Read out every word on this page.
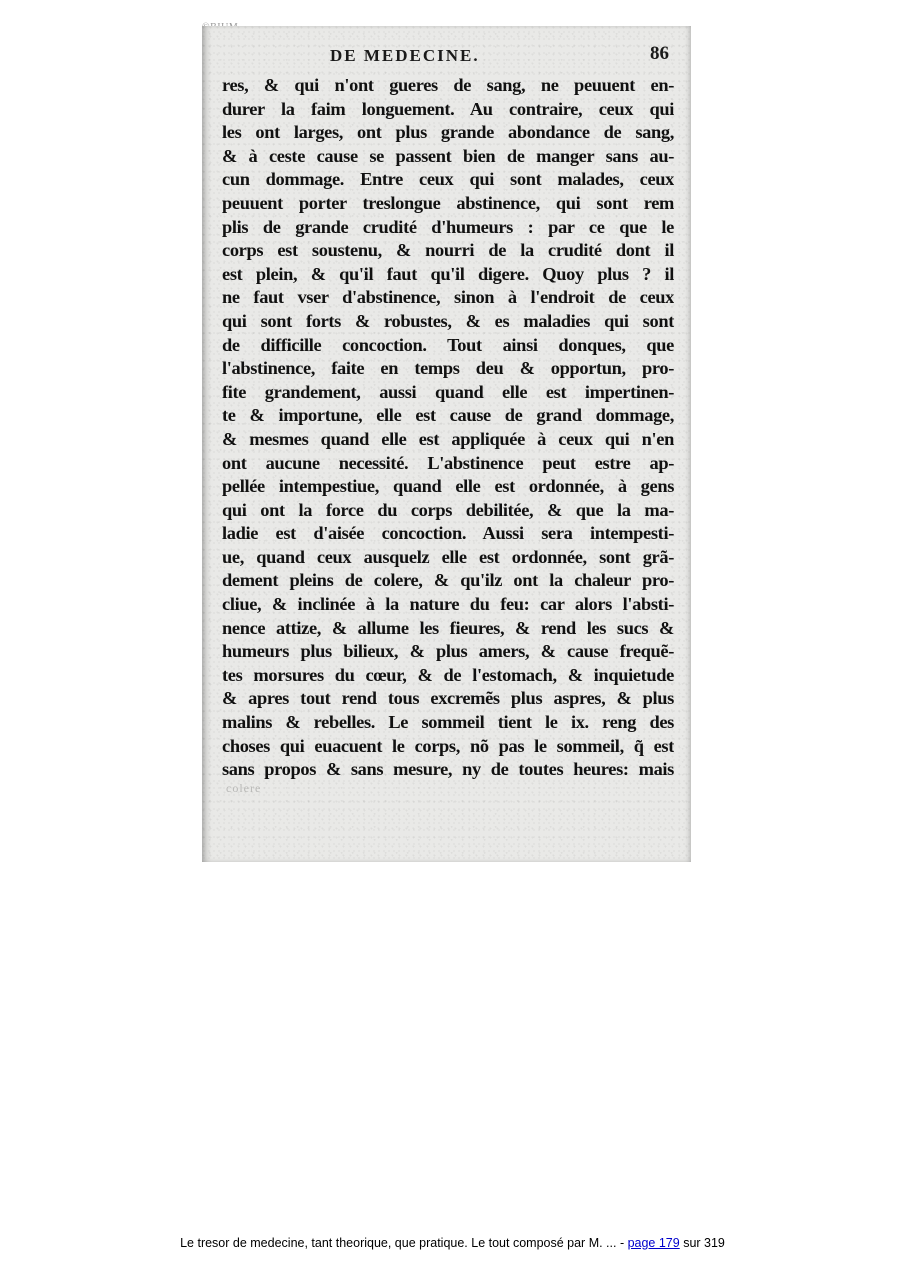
DE MEDECINE.	86
res, & qui n'ont gueres de sang, ne peuuent en-
durer la faim longuement. Au contraire, ceux qui
les ont larges, ont plus grande abondance de sang,
& à ceste cause se passent bien de manger sans au-
cun dommage. Entre ceux qui sont malades, ceux
peuuent porter treslongue abstinence, qui sont rem
plis de grande crudité d'humeurs : par ce que le
corps est soustenu, & nourri de la crudité dont il
est plein, & qu'il faut qu'il digere. Quoy plus ? il
ne faut vser d'abstinence, sinon à l'endroit de ceux
qui sont forts & robustes, & es maladies qui sont
de difficille concoction. Tout ainsi donques, que
l'abstinence, faite en temps deu & opportun, pro-
fite grandement, aussi quand elle est impertinen-
te & importune, elle est cause de grand dommage,
& mesmes quand elle est appliquée à ceux qui n'en
ont aucune necessité. L'abstinence peut estre ap-
pellée intempestiue, quand elle est ordonnée, à gens
qui ont la force du corps debilitée, & que la ma-
ladie est d'aisée concoction. Aussi sera intempesti-
ue, quand ceux ausquelz elle est ordonnée, sont grã-
dement pleins de colere, & qu'ilz ont la chaleur pro-
cliue, & inclinée à la nature du feu: car alors l'absti-
nence attize, & allume les fieures, & rend les sucs &
humeurs plus bilieux, & plus amers, & cause frequẽ-
tes morsures du cœur, & de l'estomach, & inquietude
& apres tout rend tous excremẽs plus aspres, & plus
malins & rebelles. Le sommeil tient le ix. reng des
choses qui euacuent le corps, nõ pas le sommeil, q̃ est
sans propos & sans mesure, ny de toutes heures: mais
colere
Le tresor de medecine, tant theorique, que pratique. Le tout composé par M. ... - page 179 sur 319
